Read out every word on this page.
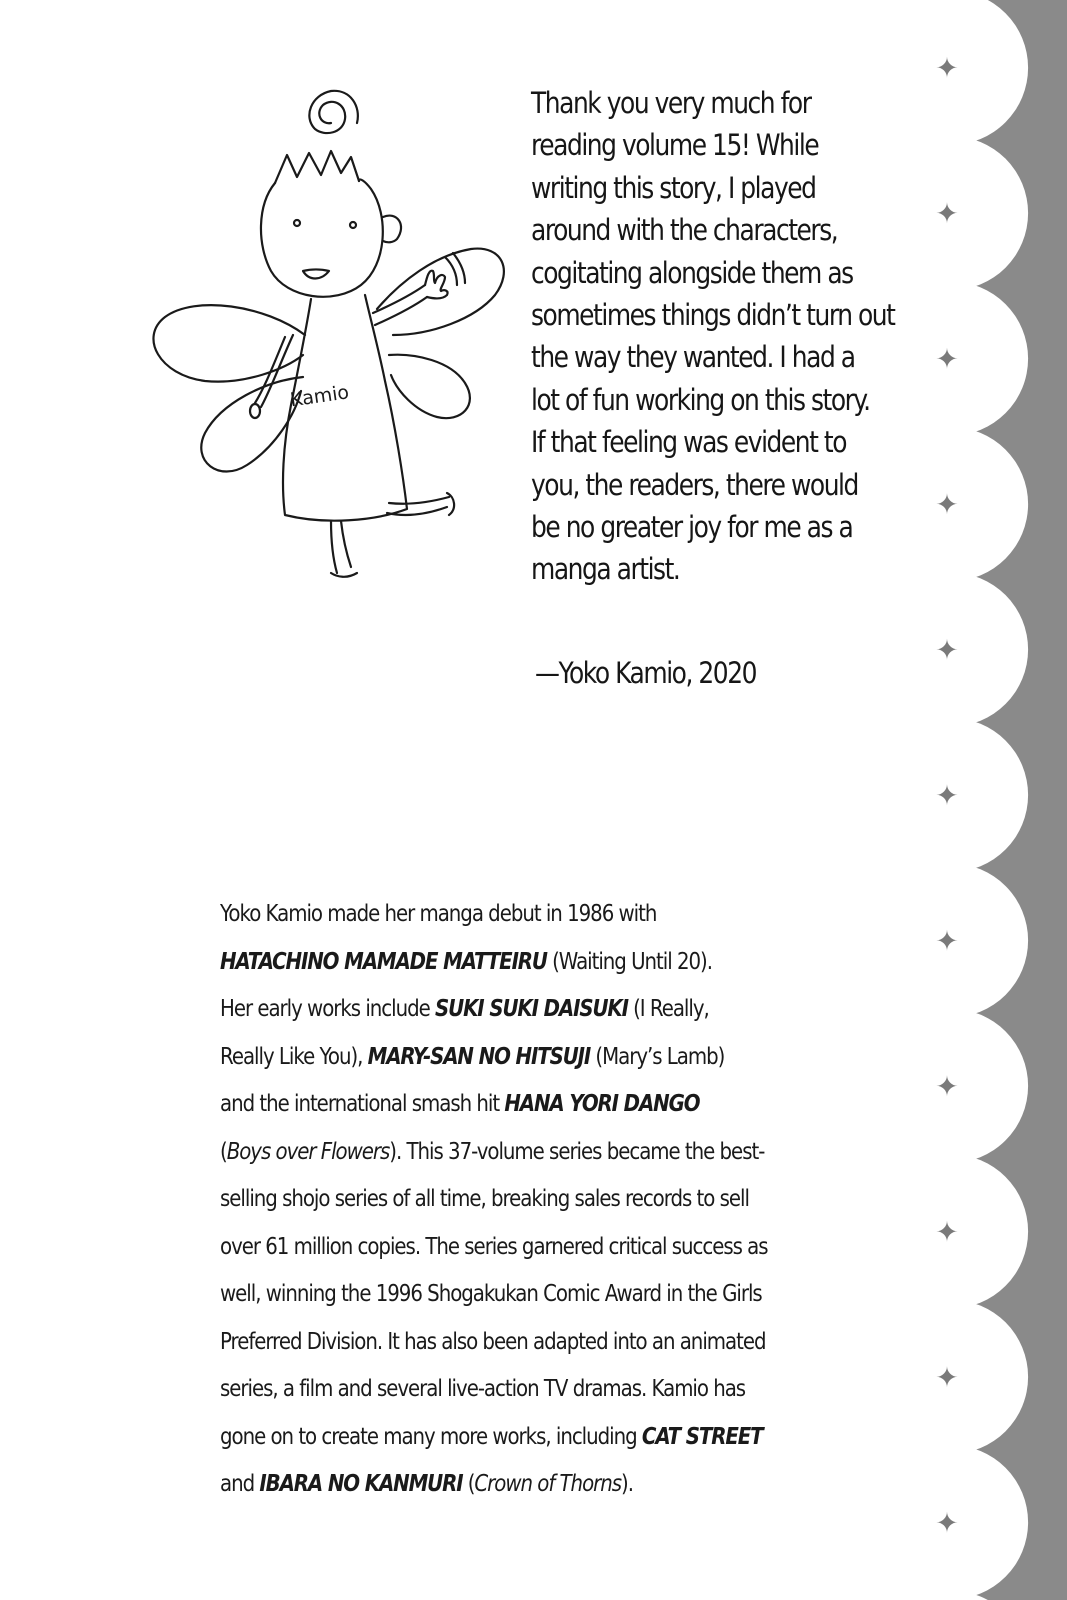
✦
✦
✦
✦
✦
✦
✦
✦
✦
✦
✦
Kamio
Thank you very much for
reading volume 15! While
writing this story, I played
around with the characters,
cogitating alongside them as
sometimes things didn’t turn out
the way they wanted. I had a
lot of fun working on this story.
If that feeling was evident to
you, the readers, there would
be no greater joy for me as a
manga artist.
—Yoko Kamio, 2020
Yoko Kamio made her manga debut in 1986 with
HATACHINO MAMADE MATTEIRU (Waiting Until 20).
Her early works include SUKI SUKI DAISUKI (I Really,
Really Like You), MARY-SAN NO HITSUJI (Mary’s Lamb)
and the international smash hit HANA YORI DANGO
(Boys over Flowers). This 37-volume series became the best-
selling shojo series of all time, breaking sales records to sell
over 61 million copies. The series garnered critical success as
well, winning the 1996 Shogakukan Comic Award in the Girls
Preferred Division. It has also been adapted into an animated
series, a film and several live-action TV dramas. Kamio has
gone on to create many more works, including CAT STREET
and IBARA NO KANMURI (Crown of Thorns).
